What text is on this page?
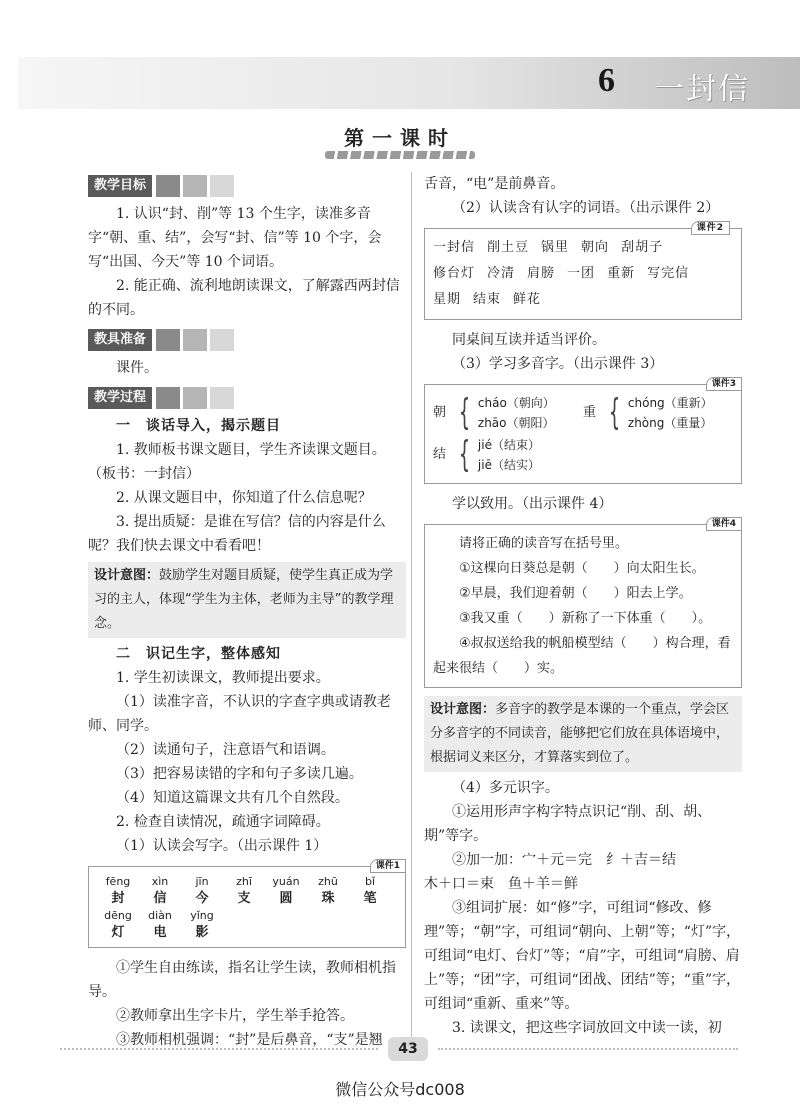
6 一封信
第一课时
教学目标

1. 认识“封、削”等 13 个生字，读准多音字“朝、重、结”，会写“封、信”等 10 个字，会写“出国、今天”等 10 个词语。

2. 能正确、流利地朗读课文，了解露西两封信的不同。

教具准备

课件。

教学过程

一　谈话导入，揭示题目

1. 教师板书课文题目，学生齐读课文题目。

（板书：一封信）

2. 从课文题目中，你知道了什么信息呢？

3. 提出质疑：是谁在写信？信的内容是什么呢？我们快去课文中看看吧！

设计意图：鼓励学生对题目质疑，使学生真正成为学习的主人，体现“学生为主体，老师为主导”的教学理念。

二　识记生字，整体感知

1. 学生初读课文，教师提出要求。

（1）读准字音，不认识的字查字典或请教老师、同学。

（2）读通句子，注意语气和语调。

（3）把容易读错的字和句子多读几遍。

（4）知道这篇课文共有几个自然段。

2. 检查自读情况，疏通字词障碍。

（1）认读会写字。（出示课件 1）

课件1
fēng
封
xìn
信
jīn
今
zhī
支
yuán
圆
zhū
珠
bǐ
笔
dēng
灯
diàn
电
yǐng
影

①学生自由练读，指名让学生读，教师相机指导。

②教师拿出生字卡片，学生举手抢答。

③教师相机强调：“封”是后鼻音，“支”是翘

舌音，“电”是前鼻音。

（2）认读含有认字的词语。（出示课件 2）

课件2
一封信 削土豆 锅里 朝向 刮胡子
修台灯 冷清 肩膀 一团 重新 写完信
星期 结束 鲜花

同桌间互读并适当评价。

（3）学习多音字。（出示课件 3）

课件3
朝 { cháo（朝向）
zhāo（朝阳）
重 { chóng（重新）
zhòng（重量）
结 { jié（结束）
jiē（结实）

学以致用。（出示课件 4）

课件4

请将正确的读音写在括号里。

①这棵向日葵总是朝（　　）向太阳生长。

②早晨，我们迎着朝（　　）阳去上学。

③我又重（　　）新称了一下体重（　　）。

④叔叔送给我的帆船模型结（　　）构合理，看起来很结（　　）实。

设计意图：多音字的教学是本课的一个重点，学会区分多音字的不同读音，能够把它们放在具体语境中，根据词义来区分，才算落实到位了。

（4）多元识字。

①运用形声字构字特点识记“削、刮、胡、期”等字。

②加一加：宀＋元＝完　纟＋吉＝结

木＋口＝束　鱼＋羊＝鲜

③组词扩展：如“修”字，可组词“修改、修理”等；“朝”字，可组词“朝向、上朝”等；“灯”字，可组词“电灯、台灯”等；“肩”字，可组词“肩膀、肩上”等；“团”字，可组词“团战、团结”等；“重”字，可组词“重新、重来”等。

3. 读课文，把这些字词放回文中读一读，初

43
微信公众号dc008
